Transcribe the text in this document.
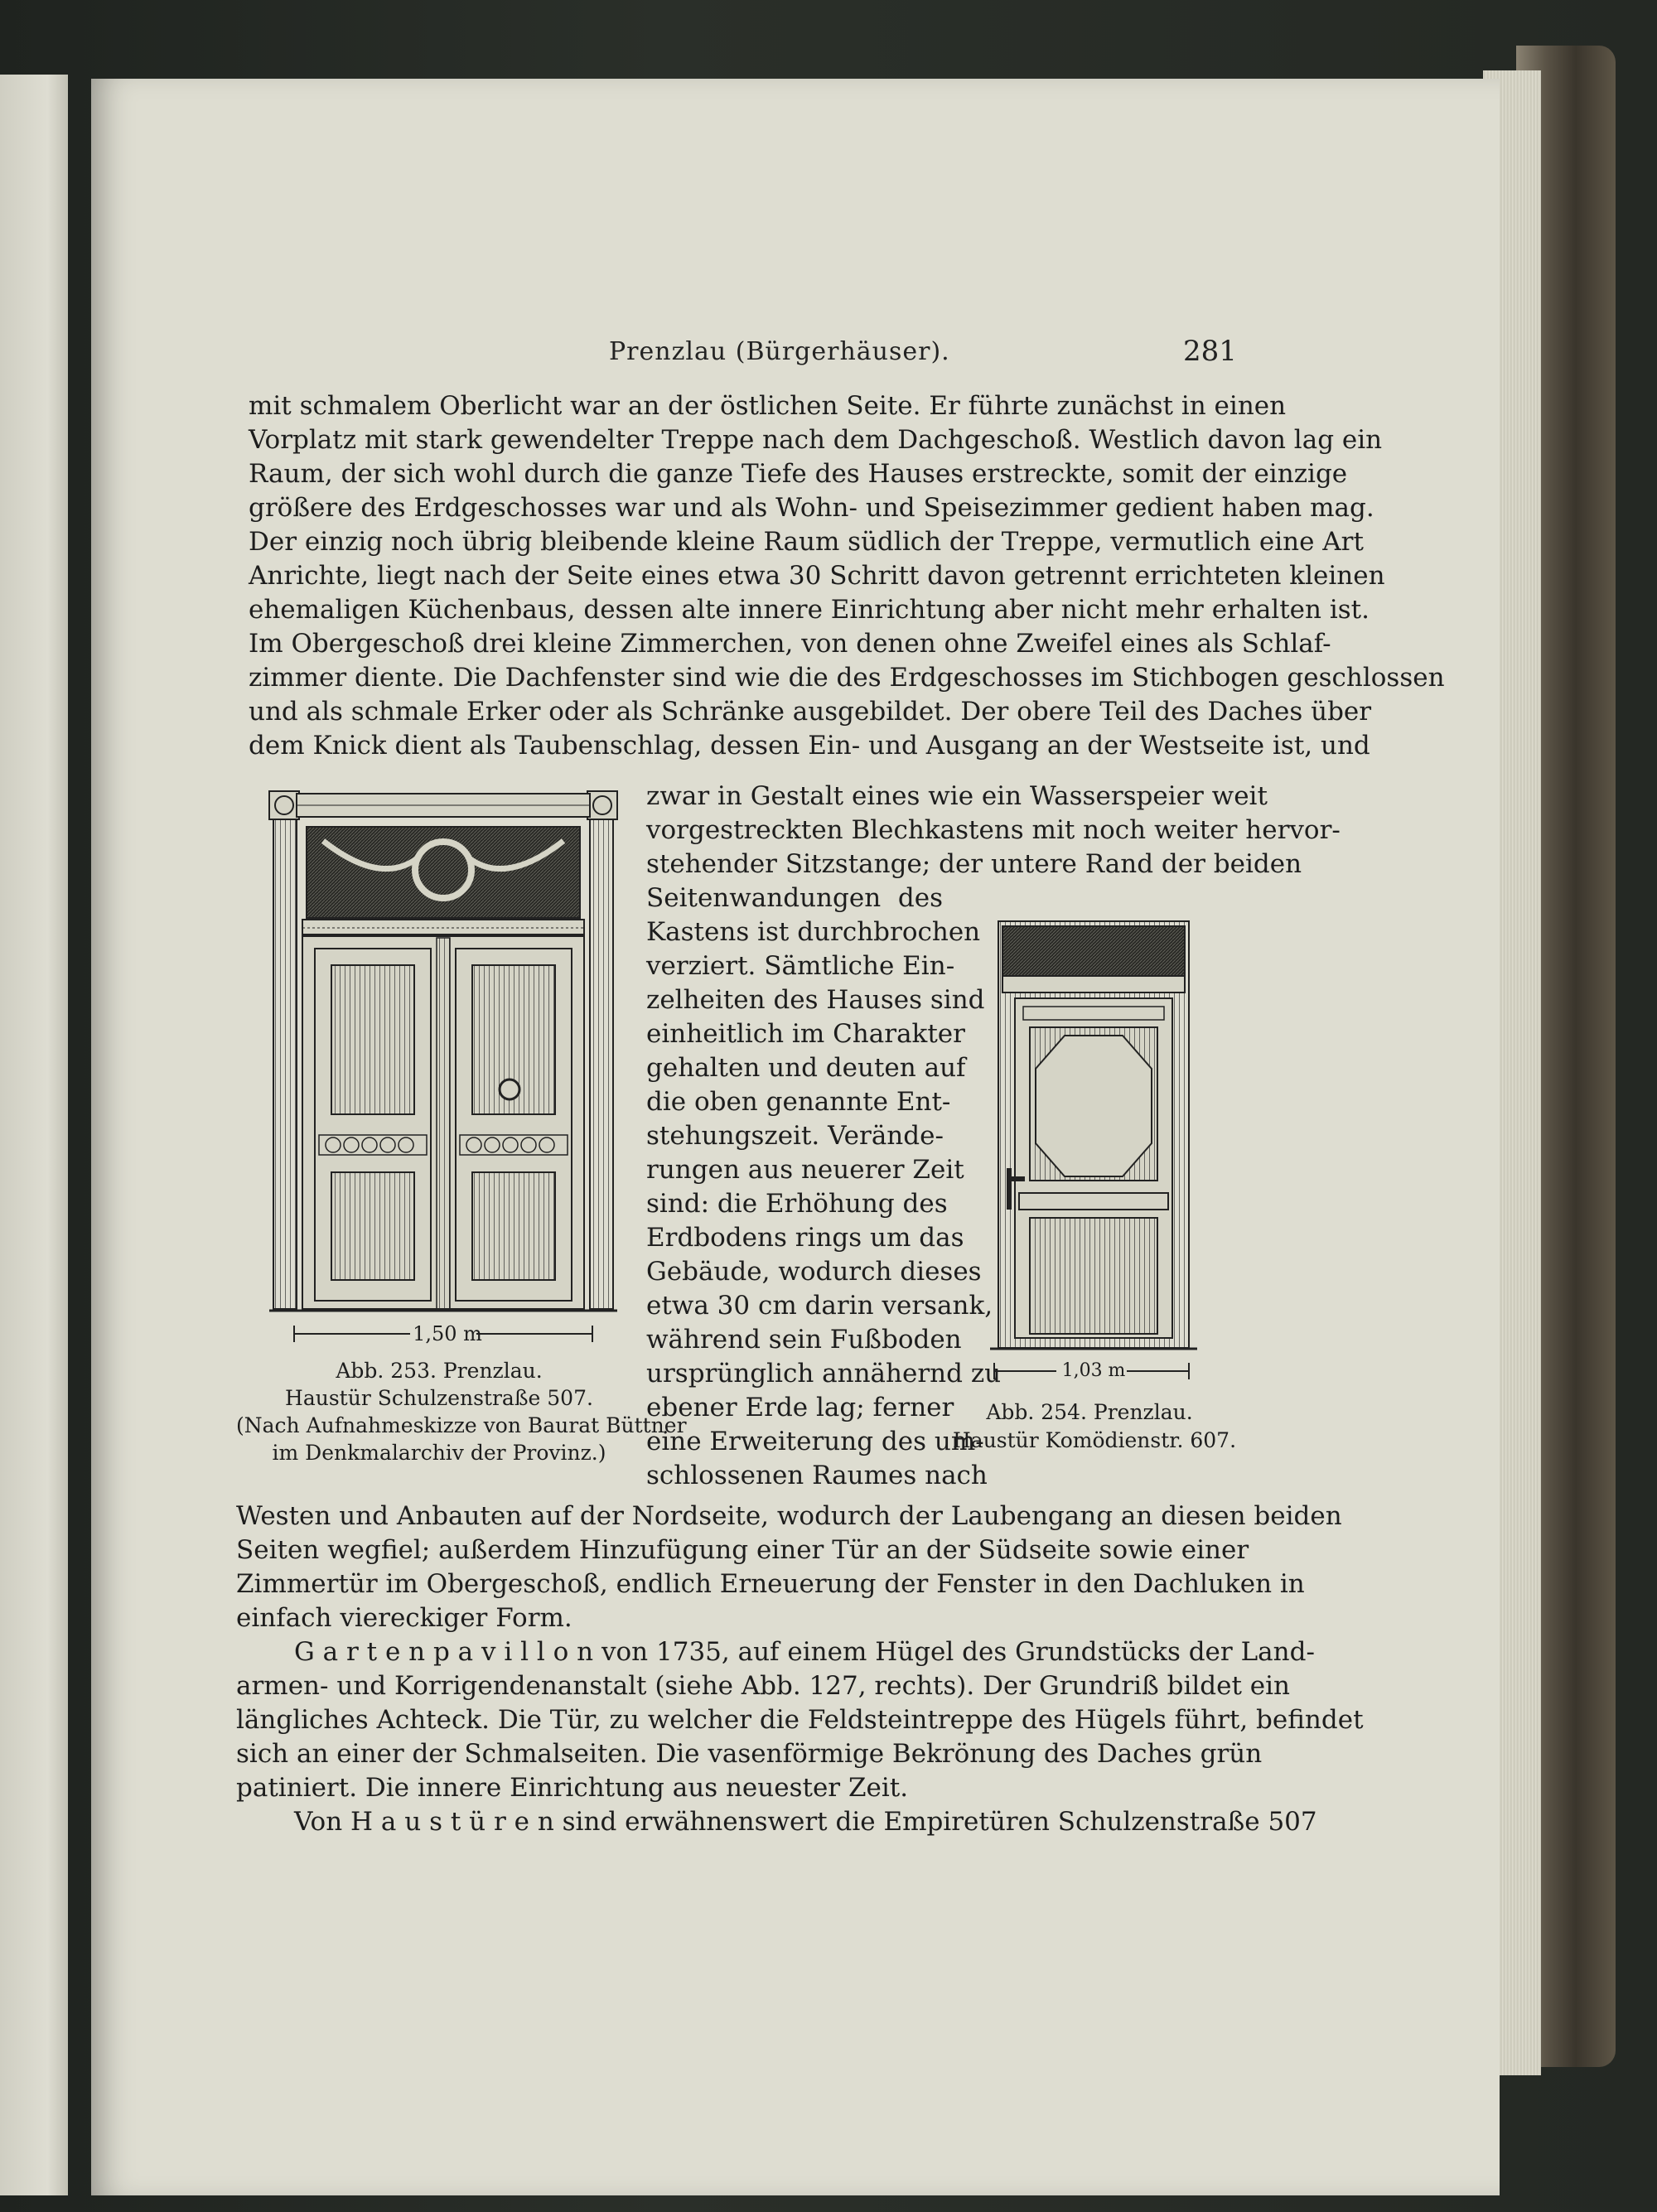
Prenzlau (Bürgerhäuser).	281
mit schmalem Oberlicht war an der östlichen Seite. Er führte zunächst in einen
Vorplatz mit stark gewendelter Treppe nach dem Dachgeschoß. Westlich davon lag ein
Raum, der sich wohl durch die ganze Tiefe des Hauses erstreckte, somit der einzige
größere des Erdgeschosses war und als Wohn- und Speisezimmer gedient haben mag.
Der einzig noch übrig bleibende kleine Raum südlich der Treppe, vermutlich eine Art
Anrichte, liegt nach der Seite eines etwa 30 Schritt davon getrennt errichteten kleinen
ehemaligen Küchenbaus, dessen alte innere Einrichtung aber nicht mehr erhalten ist.
Im Obergeschoß drei kleine Zimmerchen, von denen ohne Zweifel eines als Schlaf-
zimmer diente. Die Dachfenster sind wie die des Erdgeschosses im Stichbogen geschlossen
und als schmale Erker oder als Schränke ausgebildet. Der obere Teil des Daches über
dem Knick dient als Taubenschlag, dessen Ein- und Ausgang an der Westseite ist, und
zwar in Gestalt eines wie ein Wasserspeier weit
vorgestreckten Blechkastens mit noch weiter hervor-
stehender Sitzstange; der untere Rand der beiden
Seitenwandungen des
Kastens ist durchbrochen
verziert. Sämtliche Ein-
zelheiten des Hauses sind
einheitlich im Charakter
gehalten und deuten auf
die oben genannte Ent-
stehungszeit. Verände-
rungen aus neuerer Zeit
sind: die Erhöhung des
Erdbodens rings um das
Gebäude, wodurch dieses
etwa 30 cm darin versank,
während sein Fußboden
ursprünglich annähernd zu
ebener Erde lag; ferner
eine Erweiterung des um-
schlossenen Raumes nach
Westen und Anbauten auf der Nordseite, wodurch der Laubengang an diesen beiden
Seiten wegfiel; außerdem Hinzufügung einer Tür an der Südseite sowie einer
Zimmertür im Obergeschoß, endlich Erneuerung der Fenster in den Dachluken in
einfach viereckiger Form.
G a r t e n p a v i l l o n von 1735, auf einem Hügel des Grundstücks der Land-
armen- und Korrigendenanstalt (siehe Abb. 127, rechts). Der Grundriß bildet ein
längliches Achteck. Die Tür, zu welcher die Feldsteintreppe des Hügels führt, befindet
sich an einer der Schmalseiten. Die vasenförmige Bekrönung des Daches grün
patiniert. Die innere Einrichtung aus neuester Zeit.
Von H a u s t ü r e n sind erwähnenswert die Empiretüren Schulzenstraße 507
1,50 m
Abb. 253. Prenzlau.
Haustür Schulzenstraße 507.
(Nach Aufnahmeskizze von Baurat Büttner
im Denkmalarchiv der Provinz.)
1,03 m
Abb. 254. Prenzlau.
Haustür Komödienstr. 607.
